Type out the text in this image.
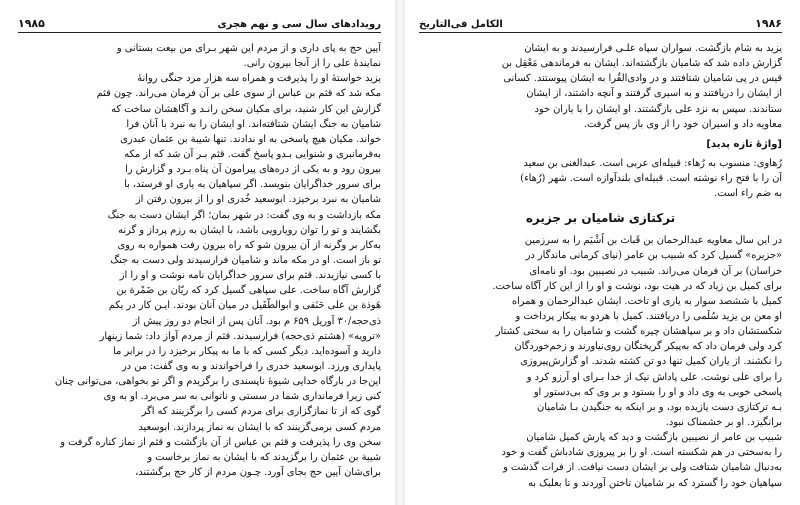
رویدادهای سال سی و نهم هجری
۱۹۸۵
آیین حج به پای داری و از مردم این شهر بـرای من بیعت بستانی و
نماینده‌ٔ علی را از آنجا بیرون رانی.
یزید خواسته‌ٔ او را پذیرفت و همراه سه هزار مرد جنگی روانهٔ
مکه شد که قثم بن عباس از سوی علی بر آن فرمان می‌راند. چون قثم
گزارش این کار شنید، برای مکیان سخن رانـد و آگاهشان ساخت که
شامیان به جنگ ایشان شتافته‌اند. او ایشان را به نبرد با آنان فرا
خواند. مکیان هیچ پاسخی به او ندادند. تنها شیبة بن عثمان عبدری
به‌فرمانبری و شنوایی بـدو پاسخ گفت. قثم بـر آن شد که از مکه
بیرون رود و به یکی از دره‌های پیرامون آن پناه بـرد و گزارش را
برای سرور خداگرایان بنویسد. اگر سپاهیان به یاری او فرستد، با
شامیان به نبرد برخیزد. ابوسعید خُدری او را از بیرون رفتن از
مکه بازداشت و به وی گفت: در شهر بمان؛ اگر ایشان دست به جنگ
بگشایند و تو را توان رویارویی باشد، با ایشان به رزم پرداز و گرنه
به‌کار بر وگرنه از آن بیرون شو که راه بیرون رفت همواره به روی
تو باز است. او در مکه ماند و شامیان فرارسیدند ولی دست به جنگ
با کسی نیازیدند. قثم برای سرور خداگرایان نامه نوشت و او را از
گزارش آگاه ساخت. علی سپاهی گسیل کرد که ریّان بن ضَمْرة بن
هَوذة بن علی حَنَفی و ابوالطُّفَیل در میان آنان بودند. ایـن کار در یکم
ذی‌حجه/۳۰ آوریل ۶۵۹ م بود. آنان پس از انجام دو روز پیش از
«ترویه» (هشتم ذی‌حجه) فرارسیدند. قثم از مردم آواز داد: شما زینهار
دارید و آسوده‌اید. دیگر کسی که با ما به پیکار برخیزد را در برابر ما
پایداری ورزد. ابوسعید خدری را فراخواندند و به وی گفت: من در
این‌جا در بارگاه خدایی شیوه‌ٔ ناپسندی را برگزیدم و اگر تو بخواهی، می‌توانی چنان
کنی زیرا فرمانداری شما در سستی و ناتوانی به سر می‌برد. او به وی
گوی که از تا نمازگزاری برای مردم کسی را برگزینند که اگر
مردم کسی برمی‌گزینند که با ایشان به نماز پردازند. ابوسعید
سخن وی را پذیرفت و قثم بن عباس از آن بازگشت و قثم از نماز کناره گرفت و
شیبة بن عثمان را برگزیدند که با ایشان به نماز برخاست و
برای‌شان آیین حج بجای آورد. چـون مردم از کار حج برگشتند،
۱۹۸۶
الکامل فی‌التاریخ
یزید به شام بازگشت. سواران سپاه علـی فرارسیدند و به ایشان
گزارش داده شد که شامیان بازگشته‌اند. ایشان به فرماندهی مَعْقِل بن
قیس در پی شامیان شتافتند و در وادی‌القُرا به ایشان پیوستند. کسانی
از ایشان را دریافتند و به اسیری گرفتند و آنچه داشتند، از ایشان
ستاندند. سپس به نزد علی بازگشتند. او ایشان را با یاران خود
معاویه داد و اسیران خود را از وی باز پس گرفت.
[واژهٔ تازه پدید]
رُهاوی: منسوب به رُهاء: قبیله‌ای عربی است. عبدالغنی بن سعید
آن را با فتح راء نوشته است. قبیله‌ای بلندآوازه است. شهر (رُهاء)
به ضم راء است.
ترکتازی شامیان بر جزیره
در این سال معاویه عبدالرحمان بن قَباث بن اُشْیَم را به سرزمین
«جزیره» گسیل کرد که شبیب بن عامر (نیای کرمانی ماندگار در
خراسان) بر آن فرمان می‌راند. شبیب در نصیبین بود. او نامه‌ای
برای کمیل بن زیاد که در هیت بود، نوشت و او را از این کار آگاه ساخت.
کمیل با ششصد سوار به یاری او تاخت. ایشان عبدالرحمان و همراه
او معن بن یزید سُلَمی را دریافتند. کمیل با هردو به پیکار پرداخت و
شکستشان داد و بر سپاهشان چیره گشت و شامیان را به سختی کشتار
کرد ولی فرمان داد که به‌پیکر گریختگان روی‌نیاورند و زخم‌خوردگان
را نکشند. از یاران کمیل تنها دو تن کشته شدند. او گزارش‌پیروزی
را برای علی نوشت. علی پاداش نیک از خدا بـرای او آرزو کرد و
پاسخی خوبی به وی داد و او را بستود و بر وی که بی‌دستور او
بـه ترکتازی دست یازیده بود، و بر اینکه به جنگیدن بـا شامیان
برانگیزد. او بر خشمناک نبود.
شبیب بن عامر از نصیبین بازگشت و دید که پارش کمیل شامیان
را به‌سختی در هم شکسته است. او را بر پیروزی شادباش گفت و خود
به‌دنبال شامیان شتافت ولی بر ایشان دست نیافت. از فرات گذشت و
سپاهیان خود را گسترد که بر شامیان تاختن آوردند و تا بعلبک به
